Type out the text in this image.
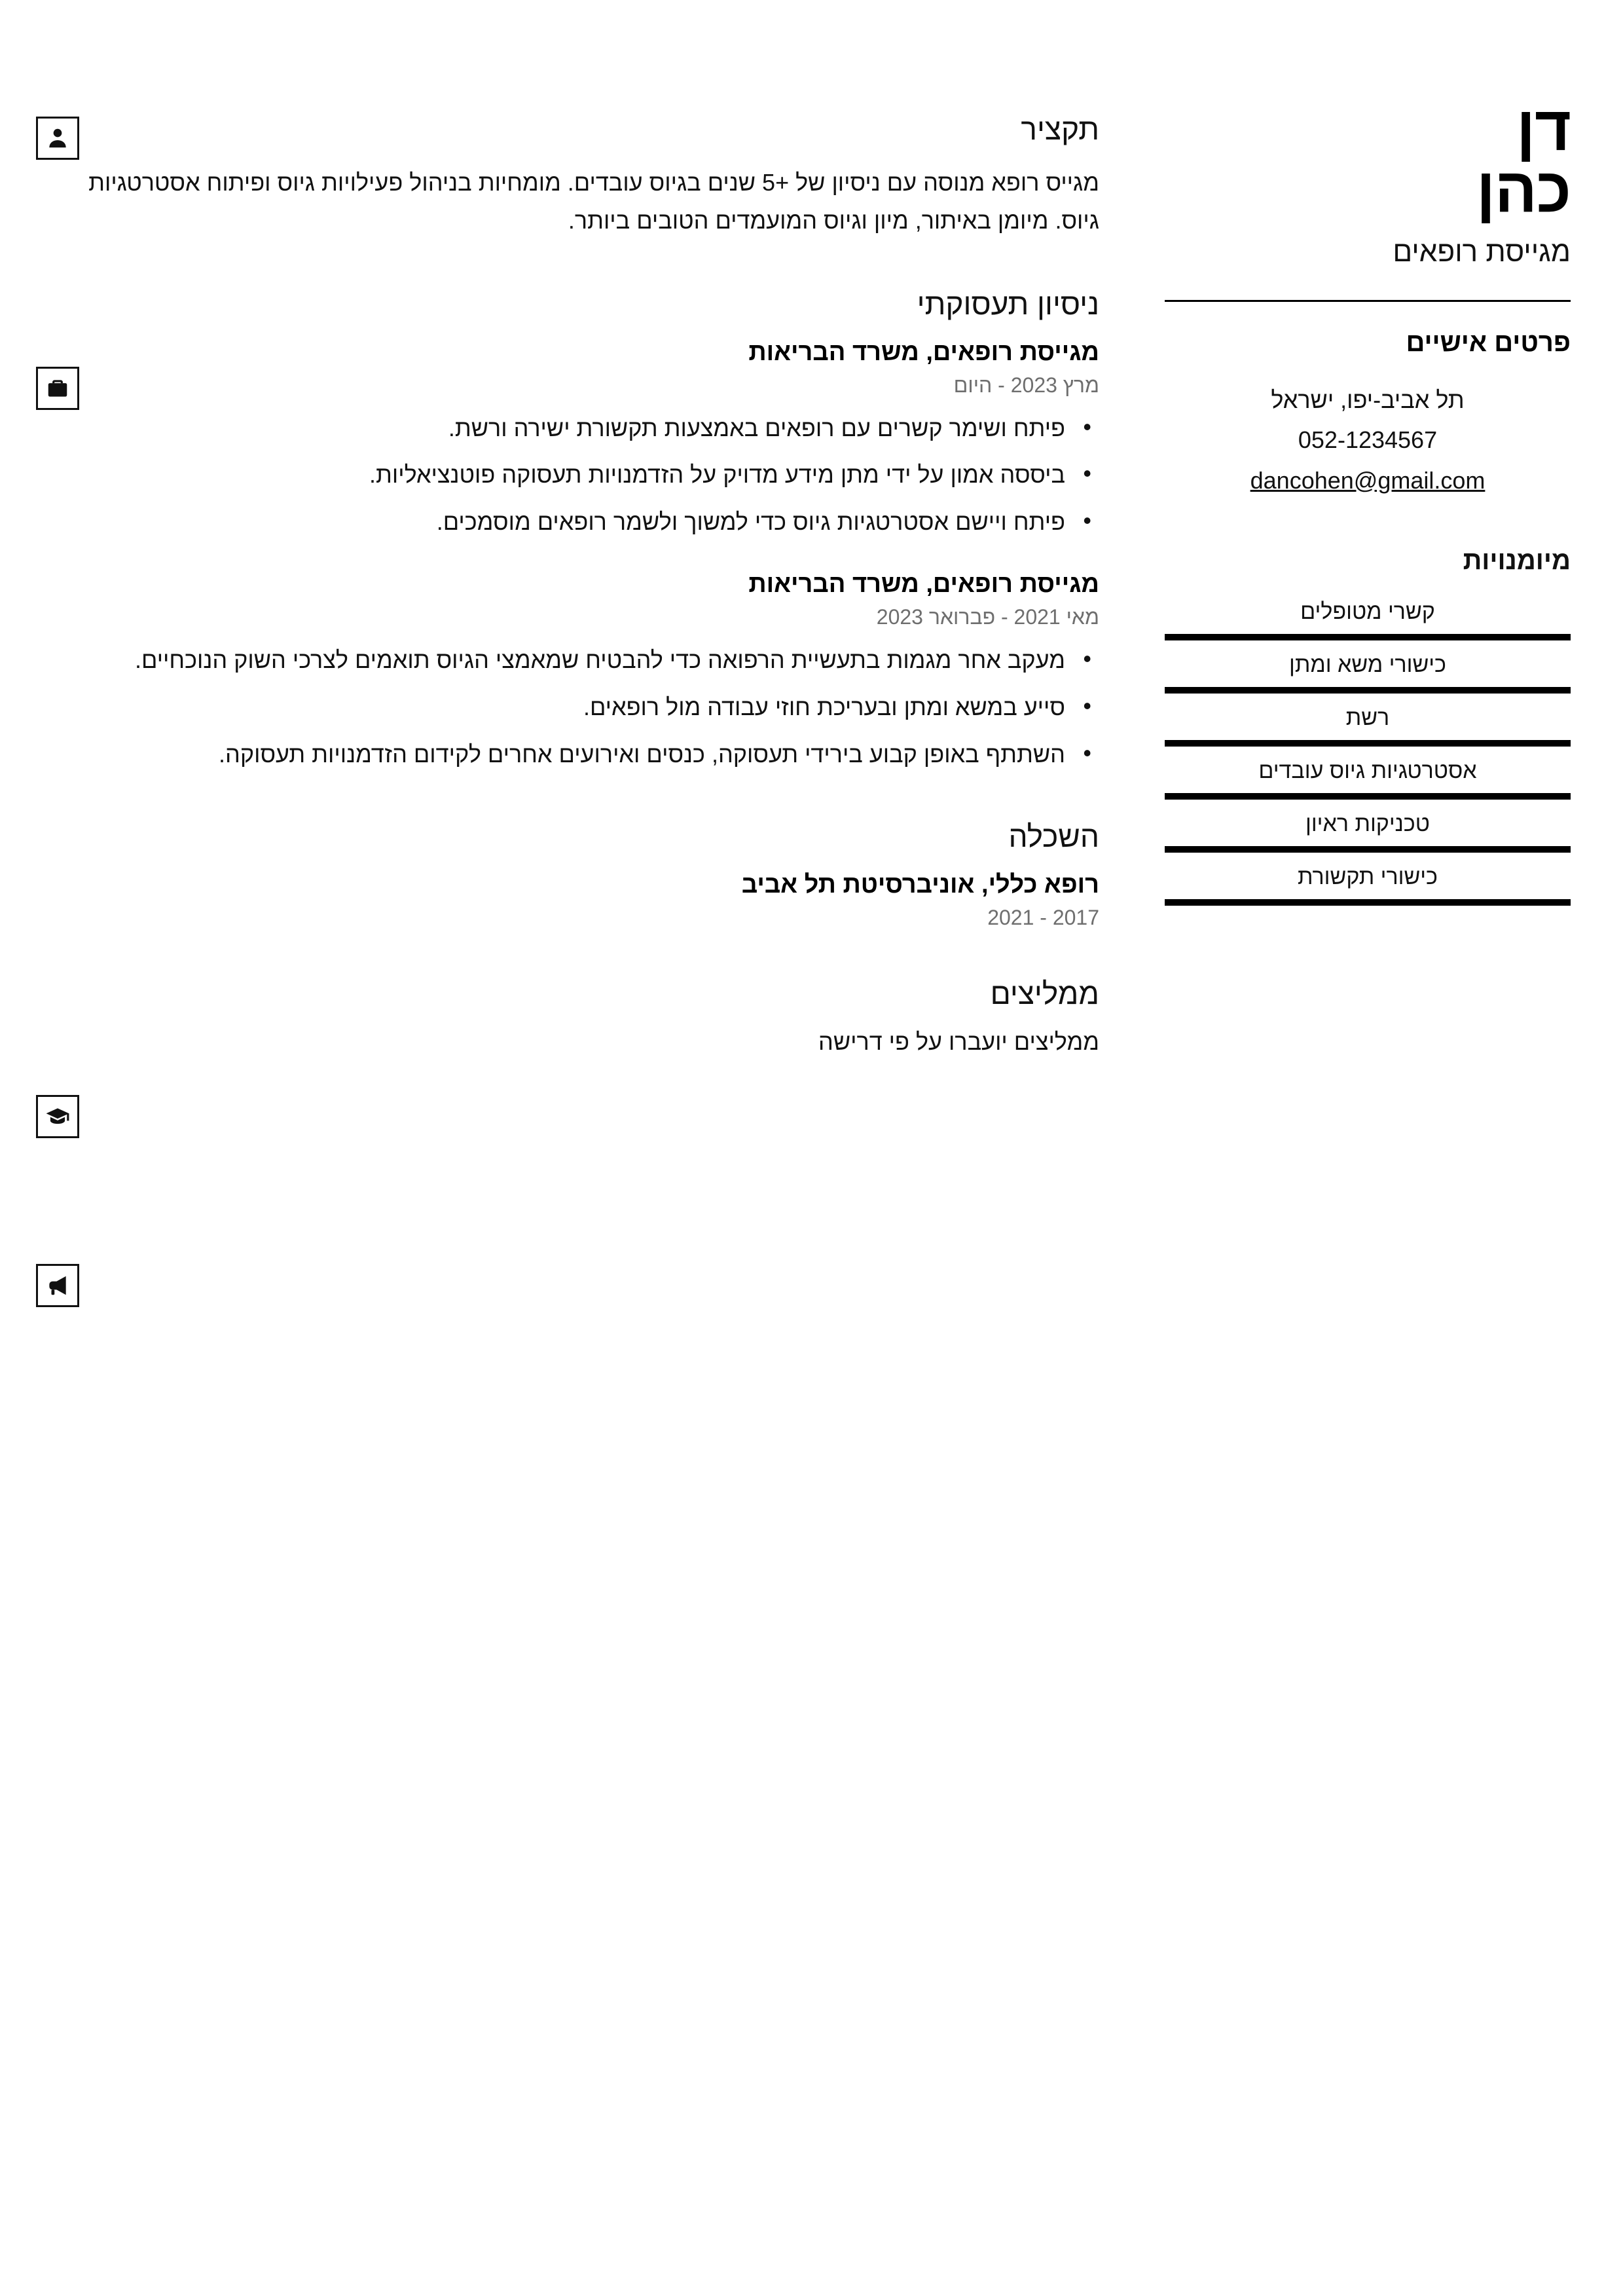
דן
כהן
מגייסת רופאים
פרטים אישיים
תל אביב-יפו, ישראל
052-1234567
dancohen@gmail.com
מיומנויות
קשרי מטופלים
כישורי משא ומתן
רשת
אסטרטגיות גיוס עובדים
טכניקות ראיון
כישורי תקשורת
תקציר
מגייס רופא מנוסה עם ניסיון של +5 שנים בגיוס עובדים. מומחיות בניהול פעילויות גיוס ופיתוח אסטרטגיות גיוס. מיומן באיתור, מיון וגיוס המועמדים הטובים ביותר.
ניסיון תעסוקתי
מגייסת רופאים, משרד הבריאות
מרץ 2023 - היום
• פיתח ושימר קשרים עם רופאים באמצעות תקשורת ישירה ורשת.
• ביססה אמון על ידי מתן מידע מדויק על הזדמנויות תעסוקה פוטנציאליות.
• פיתח ויישם אסטרטגיות גיוס כדי למשוך ולשמר רופאים מוסמכים.
מגייסת רופאים, משרד הבריאות
מאי 2021 - פברואר 2023
• מעקב אחר מגמות בתעשיית הרפואה כדי להבטיח שמאמצי הגיוס תואמים לצרכי השוק הנוכחיים.
• סייע במשא ומתן ובעריכת חוזי עבודה מול רופאים.
• השתתף באופן קבוע בירידי תעסוקה, כנסים ואירועים אחרים לקידום הזדמנויות תעסוקה.
השכלה
רופא כללי, אוניברסיטת תל אביב
2017 - 2021
ממליצים
ממליצים יועברו על פי דרישה
